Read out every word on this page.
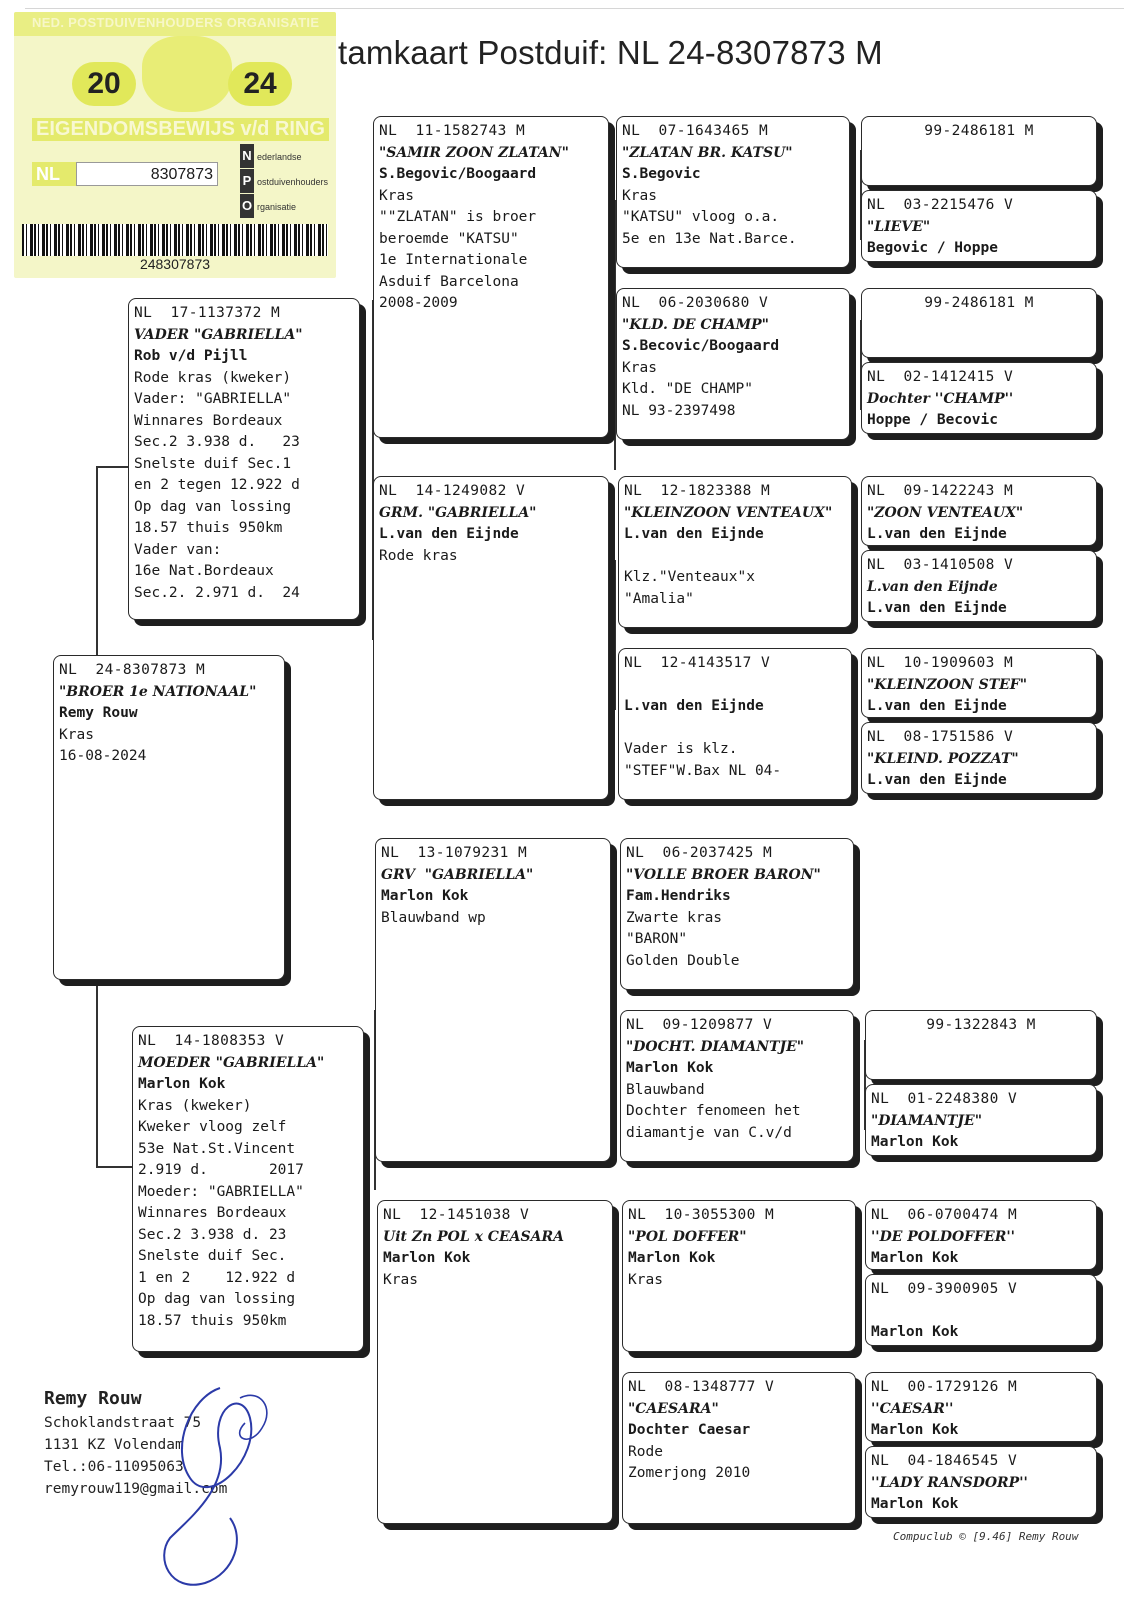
NED. POSTDUIVENHOUDERS ORGANISATIE
20	24
EIGENDOMSBEWIJS v/d RING
NL	8307873
N ederlandse
P ostduivenhouders
O rganisatie
248307873
tamkaart Postduif: NL 24-8307873 M
NL  24-8307873 M
"BROER 1e NATIONAAL"
Remy Rouw
Kras
16-08-2024
NL  17-1137372 M
VADER "GABRIELLA"
Rob v/d Pijll
Rode kras (kweker)
Vader: "GABRIELLA"
Winnares Bordeaux
Sec.2 3.938 d.   23
Snelste duif Sec.1
en 2 tegen 12.922 d
Op dag van lossing
18.57 thuis 950km
Vader van:
16e Nat.Bordeaux
Sec.2. 2.971 d.  24
NL  14-1808353 V
MOEDER "GABRIELLA"
Marlon Kok
Kras (kweker)
Kweker vloog zelf
53e Nat.St.Vincent
2.919 d.       2017
Moeder: "GABRIELLA"
Winnares Bordeaux
Sec.2 3.938 d. 23
Snelste duif Sec.
1 en 2    12.922 d
Op dag van lossing
18.57 thuis 950km
NL  11-1582743 M
"SAMIR ZOON ZLATAN"
S.Begovic/Boogaard
Kras
""ZLATAN" is broer
beroemde "KATSU"
1e Internationale
Asduif Barcelona
2008-2009
NL  14-1249082 V
GRM. "GABRIELLA"
L.van den Eijnde
Rode kras
NL  13-1079231 M
GRV  "GABRIELLA"
Marlon Kok
Blauwband wp
NL  12-1451038 V
Uit Zn POL x CEASARA
Marlon Kok
Kras
NL  07-1643465 M
"ZLATAN BR. KATSU"
S.Begovic
Kras
"KATSU" vloog o.a.
5e en 13e Nat.Barce.
NL  06-2030680 V
"KLD. DE CHAMP"
S.Becovic/Boogaard
Kras
Kld. "DE CHAMP"
NL 93-2397498
NL  12-1823388 M
"KLEINZOON VENTEAUX"
L.van den Eijnde
Klz."Venteaux"x
"Amalia"
NL  12-4143517 V
L.van den Eijnde
Vader is klz.
"STEF"W.Bax NL 04-
NL  06-2037425 M
"VOLLE BROER BARON"
Fam.Hendriks
Zwarte kras
"BARON"
Golden Double
NL  09-1209877 V
"DOCHT. DIAMANTJE"
Marlon Kok
Blauwband
Dochter fenomeen het
diamantje van C.v/d
NL  10-3055300 M
"POL DOFFER"
Marlon Kok
Kras
NL  08-1348777 V
"CAESARA"
Dochter Caesar
Rode
Zomerjong 2010
99-2486181 M
NL  03-2215476 V
"LIEVE"
Begovic / Hoppe
99-2486181 M
NL  02-1412415 V
Dochter ''CHAMP''
Hoppe / Becovic
NL  09-1422243 M
"ZOON VENTEAUX"
L.van den Eijnde
NL  03-1410508 V
L.van den Eijnde
L.van den Eijnde
NL  10-1909603 M
"KLEINZOON STEF"
L.van den Eijnde
NL  08-1751586 V
"KLEIND. POZZAT"
L.van den Eijnde
99-1322843 M
NL  01-2248380 V
"DIAMANTJE"
Marlon Kok
NL  06-0700474 M
''DE POLDOFFER''
Marlon Kok
NL  09-3900905 V
Marlon Kok
NL  00-1729126 M
''CAESAR''
Marlon Kok
NL  04-1846545 V
''LADY RANSDORP''
Marlon Kok
Remy Rouw
Schoklandstraat 75
1131 KZ Volendam
Tel.:06-11095063
remyrouw119@gmail.com
Compuclub © [9.46] Remy Rouw
